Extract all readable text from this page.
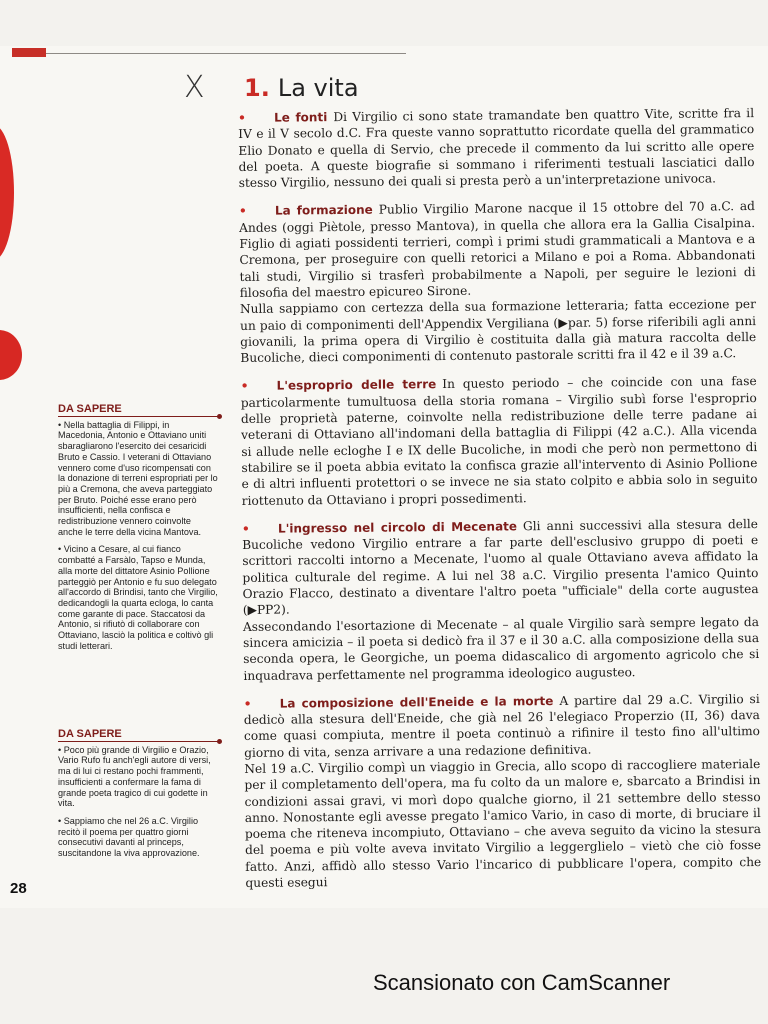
X 1. La vita

• Le fonti Di Virgilio ci sono state tramandate ben quattro Vite, scritte fra il IV e il V secolo d.C. Fra queste vanno soprattutto ricordate quella del grammatico Elio Donato e quella di Servio, che precede il commento da lui scritto alle opere del poeta. A queste biografie si sommano i riferimenti testuali lasciatici dallo stesso Virgilio, nessuno dei quali si presta però a un'interpretazione univoca.

• La formazione Publio Virgilio Marone nacque il 15 ottobre del 70 a.C. ad Andes (oggi Piètole, presso Mantova), in quella che allora era la Gallia Cisalpina. Figlio di agiati possidenti terrieri, compì i primi studi grammaticali a Mantova e a Cremona, per proseguire con quelli retorici a Milano e poi a Roma. Abbandonati tali studi, Virgilio si trasferì probabilmente a Napoli, per seguire le lezioni di filosofia del maestro epicureo Sirone.

Nulla sappiamo con certezza della sua formazione letteraria; fatta eccezione per un paio di componimenti dell'Appendix Vergiliana (▶par. 5) forse riferibili agli anni giovanili, la prima opera di Virgilio è costituita dalla già matura raccolta delle Bucoliche, dieci componimenti di contenuto pastorale scritti fra il 42 e il 39 a.C.

• L'esproprio delle terre In questo periodo – che coincide con una fase particolarmente tumultuosa della storia romana – Virgilio subì forse l'esproprio delle proprietà paterne, coinvolte nella redistribuzione delle terre padane ai veterani di Ottaviano all'indomani della battaglia di Filippi (42 a.C.). Alla vicenda si allude nelle ecloghe I e IX delle Bucoliche, in modi che però non permettono di stabilire se il poeta abbia evitato la confisca grazie all'intervento di Asinio Pollione e di altri influenti protettori o se invece ne sia stato colpito e abbia solo in seguito riottenuto da Ottaviano i propri possedimenti.

• L'ingresso nel circolo di Mecenate Gli anni successivi alla stesura delle Bucoliche vedono Virgilio entrare a far parte dell'esclusivo gruppo di poeti e scrittori raccolti intorno a Mecenate, l'uomo al quale Ottaviano aveva affidato la politica culturale del regime. A lui nel 38 a.C. Virgilio presenta l'amico Quinto Orazio Flacco, destinato a diventare l'altro poeta "ufficiale" della corte augustea (▶PP2).

Assecondando l'esortazione di Mecenate – al quale Virgilio sarà sempre legato da sincera amicizia – il poeta si dedicò fra il 37 e il 30 a.C. alla composizione della sua seconda opera, le Georgiche, un poema didascalico di argomento agricolo che si inquadrava perfettamente nel programma ideologico augusteo.

• La composizione dell'Eneide e la morte A partire dal 29 a.C. Virgilio si dedicò alla stesura dell'Eneide, che già nel 26 l'elegiaco Properzio (II, 36) dava come quasi compiuta, mentre il poeta continuò a rifinire il testo fino all'ultimo giorno di vita, senza arrivare a una redazione definitiva.

Nel 19 a.C. Virgilio compì un viaggio in Grecia, allo scopo di raccogliere materiale per il completamento dell'opera, ma fu colto da un malore e, sbarcato a Brindisi in condizioni assai gravi, vi morì dopo qualche giorno, il 21 settembre dello stesso anno. Nonostante egli avesse pregato l'amico Vario, in caso di morte, di bruciare il poema che riteneva incompiuto, Ottaviano – che aveva seguito da vicino la stesura del poema e più volte aveva invitato Virgilio a leggerglielo – vietò che ciò fosse fatto. Anzi, affidò allo stesso Vario l'incarico di pubblicare l'opera, compito che questi esegui

DA SAPERE

• Nella battaglia di Filippi, in Macedonia, Antonio e Ottaviano uniti sbaragliarono l'esercito dei cesaricidi Bruto e Cassio. I veterani di Ottaviano vennero come d'uso ricompensati con la donazione di terreni espropriati per lo più a Cremona, che aveva parteggiato per Bruto. Poiché esse erano però insufficienti, nella confisca e redistribuzione vennero coinvolte anche le terre della vicina Mantova.

• Vicino a Cesare, al cui fianco combatté a Farsàlo, Tapso e Munda, alla morte del dittatore Asinio Pollione parteggiò per Antonio e fu suo delegato all'accordo di Brindisi, tanto che Virgilio, dedicandogli la quarta ecloga, lo canta come garante di pace. Staccatosi da Antonio, si rifiutò di collaborare con Ottaviano, lasciò la politica e coltivò gli studi letterari.

DA SAPERE

• Poco più grande di Virgilio e Orazio, Vario Rufo fu anch'egli autore di versi, ma di lui ci restano pochi frammenti, insufficienti a confermare la fama di grande poeta tragico di cui godette in vita.

• Sappiamo che nel 26 a.C. Virgilio recitò il poema per quattro giorni consecutivi davanti al princeps, suscitandone la viva approvazione.

28
Scansionato con CamScanner
